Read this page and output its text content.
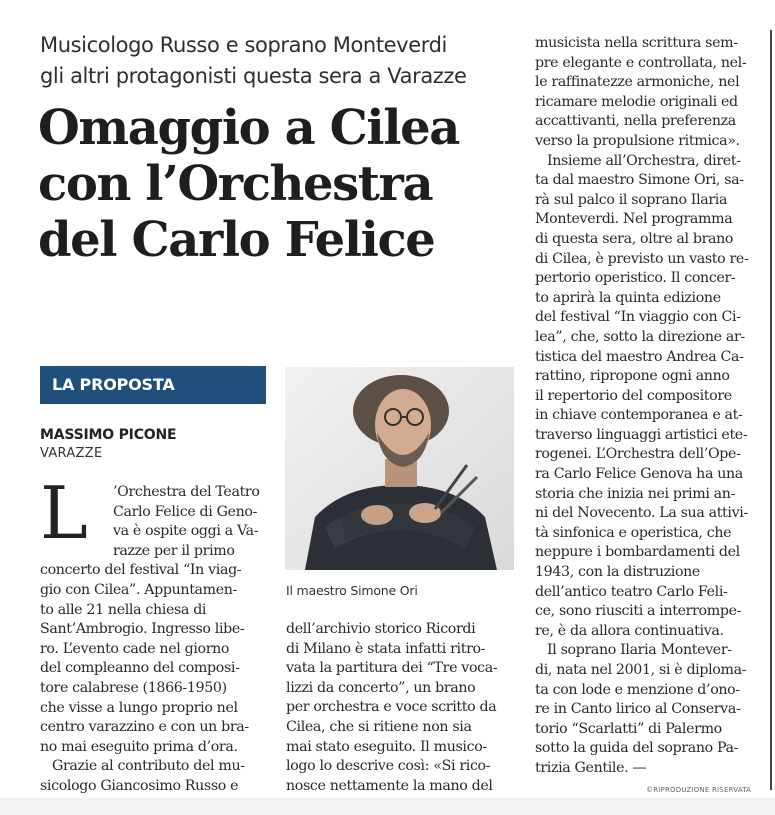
Musicologo Russo e soprano Monteverdi
gli altri protagonisti questa sera a Varazze
Omaggio a Cilea
con l’Orchestra
del Carlo Felice
LA PROPOSTA
MASSIMO PICONE
VARAZZE
Il maestro Simone Ori
L	’Orchestra del Teatro
Carlo Felice di Geno-
va è ospite oggi a Va-
razze per il primo
concerto del festival “In viag-
gio con Cilea”. Appuntamen-
to alle 21 nella chiesa di
Sant’Ambrogio. Ingresso libe-
ro. L’evento cade nel giorno
del compleanno del composi-
tore calabrese (1866-1950)
che visse a lungo proprio nel
centro varazzino e con un bra-
no mai eseguito prima d’ora.
Grazie al contributo del mu-
sicologo Giancosimo Russo e
dell’archivio storico Ricordi
di Milano è stata infatti ritro-
vata la partitura dei “Tre voca-
lizzi da concerto”, un brano
per orchestra e voce scritto da
Cilea, che si ritiene non sia
mai stato eseguito. Il musico-
logo lo descrive così: «Si rico-
nosce nettamente la mano del
musicista nella scrittura sem-
pre elegante e controllata, nel-
le raffinatezze armoniche, nel
ricamare melodie originali ed
accattivanti, nella preferenza
verso la propulsione ritmica».
Insieme all’Orchestra, diret-
ta dal maestro Simone Ori, sa-
rà sul palco il soprano Ilaria
Monteverdi. Nel programma
di questa sera, oltre al brano
di Cilea, è previsto un vasto re-
pertorio operistico. Il concer-
to aprirà la quinta edizione
del festival “In viaggio con Ci-
lea”, che, sotto la direzione ar-
tistica del maestro Andrea Ca-
rattino, ripropone ogni anno
il repertorio del compositore
in chiave contemporanea e at-
traverso linguaggi artistici ete-
rogenei. L’Orchestra dell’Ope-
ra Carlo Felice Genova ha una
storia che inizia nei primi an-
ni del Novecento. La sua attivi-
tà sinfonica e operistica, che
neppure i bombardamenti del
1943, con la distruzione
dell’antico teatro Carlo Feli-
ce, sono riusciti a interrompe-
re, è da allora continuativa.
Il soprano Ilaria Montever-
di, nata nel 2001, si è diploma-
ta con lode e menzione d’ono-
re in Canto lirico al Conserva-
torio “Scarlatti” di Palermo
sotto la guida del soprano Pa-
trizia Gentile. —
©RIPRODUZIONE RISERVATA
